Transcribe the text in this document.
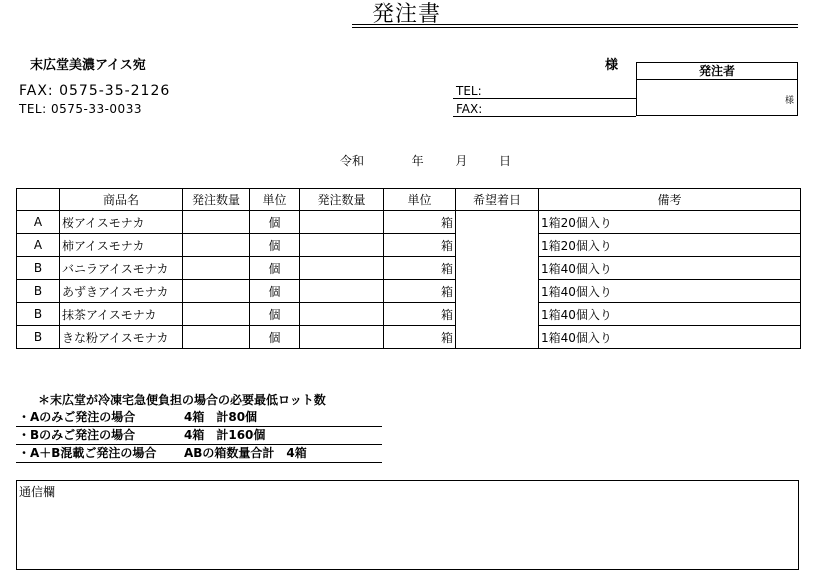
発注書
末広堂美濃アイス宛	様
FAX: 0575-35-2126
TEL: 0575-33-0033
TEL:
FAX:
発注者
様
令和	年	月	日
	商品名	発注数量	単位	発注数量	単位	希望着日	備考
A	桜アイスモナカ		個		箱		1箱20個入り
A	柿アイスモナカ		個		箱		1箱20個入り
B	バニラアイスモナカ		個		箱		1箱40個入り
B	あずきアイスモナカ		個		箱		1箱40個入り
B	抹茶アイスモナカ		個		箱		1箱40個入り
B	きな粉アイスモナカ		個		箱		1箱40個入り
＊末広堂が冷凍宅急便負担の場合の必要最低ロット数
・Aのみご発注の場合	4箱　計80個
・Bのみご発注の場合	4箱　計160個
・A＋B混載ご発注の場合 ABの箱数量合計　4箱
通信欄
